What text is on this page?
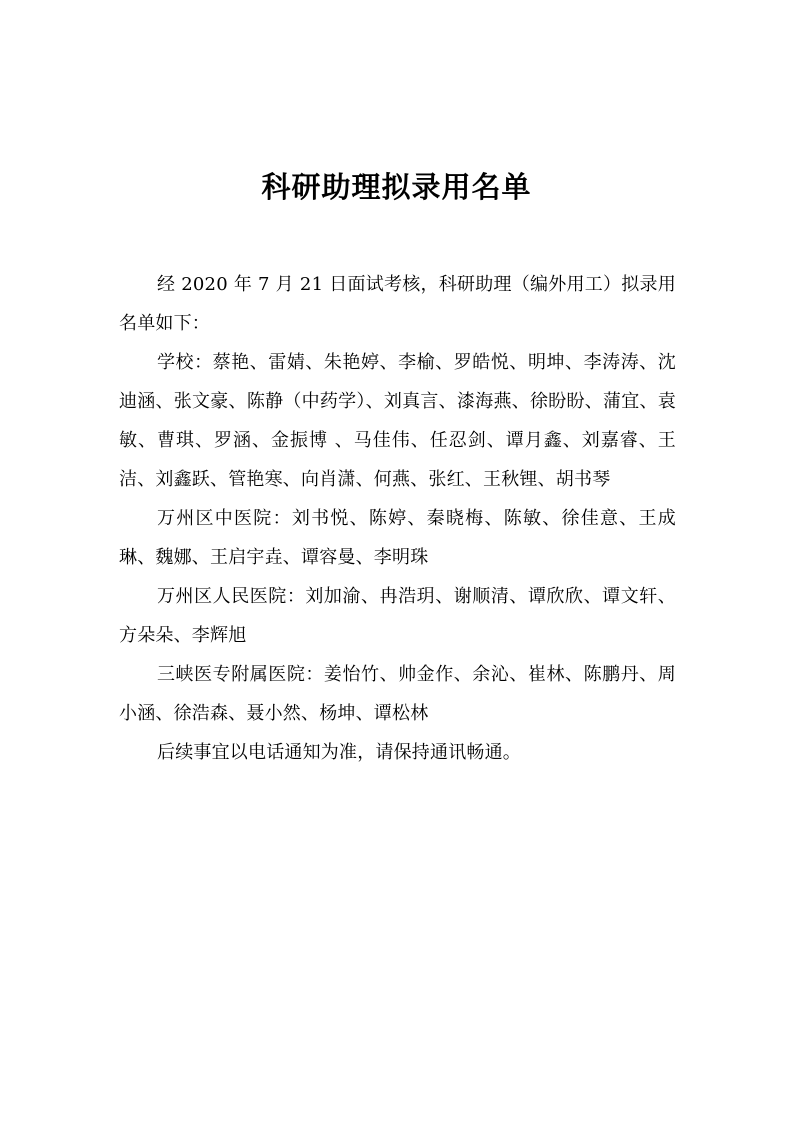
科研助理拟录用名单

经 2020 年 7 月 21 日面试考核，科研助理（编外用工）拟录用名单如下：

学校：蔡艳、雷婧、朱艳婷、李榆、罗皓悦、明坤、李涛涛、沈迪涵、张文豪、陈静（中药学）、刘真言、漆海燕、徐盼盼、蒲宜、袁敏、曹琪、罗涵、金振博 、马佳伟、任忍剑、谭月鑫、刘嘉睿、王洁、刘鑫跃、管艳寒、向肖潇、何燕、张红、王秋锂、胡书琴

万州区中医院：刘书悦、陈婷、秦晓梅、陈敏、徐佳意、王成琳、魏娜、王启宇垚、谭容曼、李明珠

万州区人民医院：刘加渝、冉浩玥、谢顺清、谭欣欣、谭文轩、方朵朵、李辉旭

三峡医专附属医院：姜怡竹、帅金作、余沁、崔林、陈鹏丹、周小涵、徐浩森、聂小然、杨坤、谭松林

后续事宜以电话通知为准，请保持通讯畅通。
